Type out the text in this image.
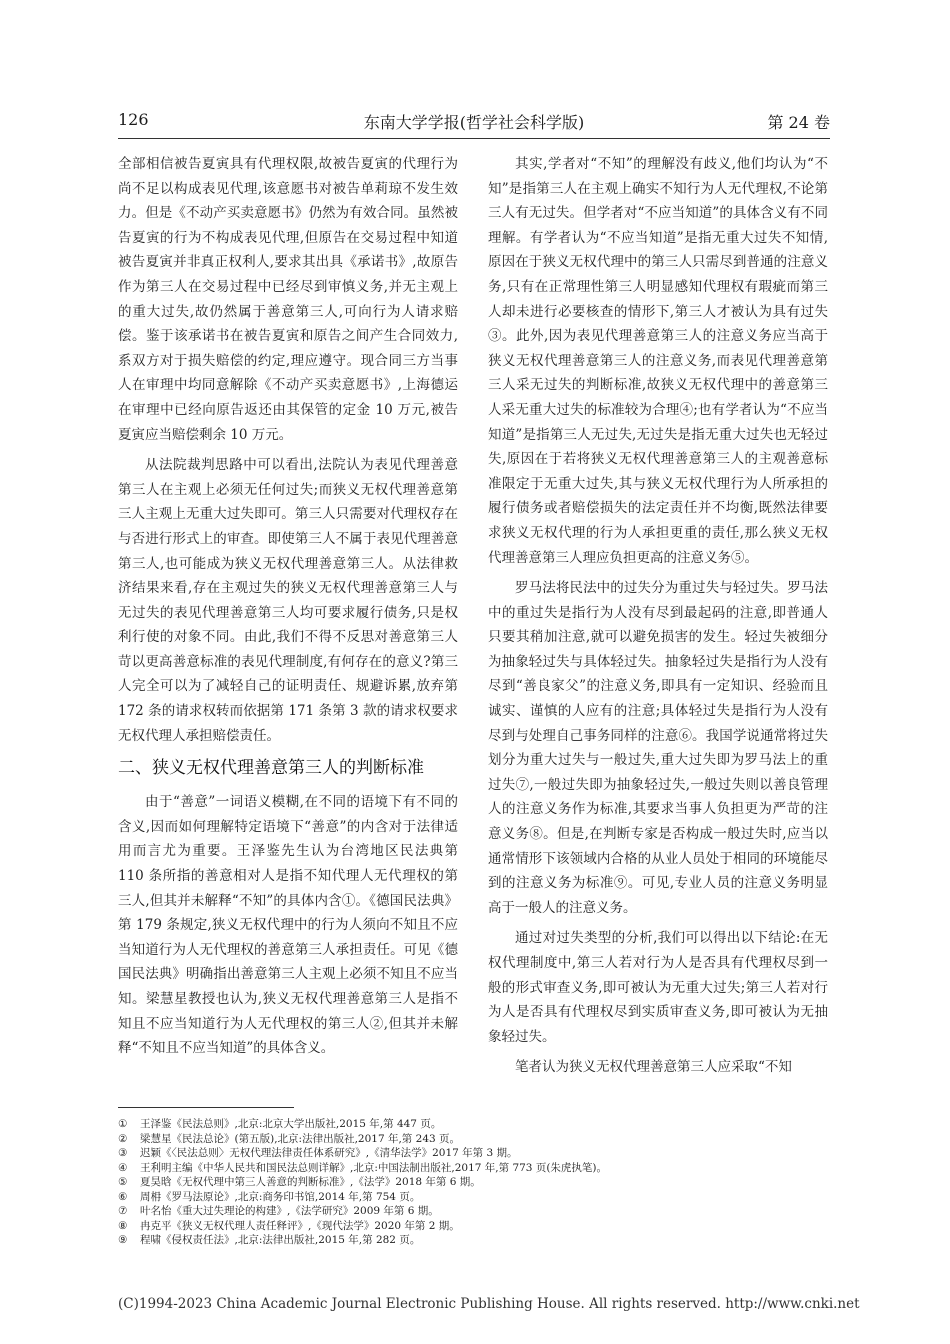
126	东南大学学报(哲学社会科学版)	第 24 卷

全部相信被告夏寅具有代理权限,故被告夏寅的代理行为尚不足以构成表见代理,该意愿书对被告单莉琼不发生效力。但是《不动产买卖意愿书》仍然为有效合同。虽然被告夏寅的行为不构成表见代理,但原告在交易过程中知道被告夏寅并非真正权利人,要求其出具《承诺书》,故原告作为第三人在交易过程中已经尽到审慎义务,并无主观上的重大过失,故仍然属于善意第三人,可向行为人请求赔偿。鉴于该承诺书在被告夏寅和原告之间产生合同效力,系双方对于损失赔偿的约定,理应遵守。现合同三方当事人在审理中均同意解除《不动产买卖意愿书》,上海德运在审理中已经向原告返还由其保管的定金 10 万元,被告夏寅应当赔偿剩余 10 万元。

从法院裁判思路中可以看出,法院认为表见代理善意第三人在主观上必须无任何过失;而狭义无权代理善意第三人主观上无重大过失即可。第三人只需要对代理权存在与否进行形式上的审查。即使第三人不属于表见代理善意第三人,也可能成为狭义无权代理善意第三人。从法律救济结果来看,存在主观过失的狭义无权代理善意第三人与无过失的表见代理善意第三人均可要求履行债务,只是权利行使的对象不同。由此,我们不得不反思对善意第三人苛以更高善意标准的表见代理制度,有何存在的意义?第三人完全可以为了减轻自己的证明责任、规避诉累,放弃第 172 条的请求权转而依据第 171 条第 3 款的请求权要求无权代理人承担赔偿责任。

二、狭义无权代理善意第三人的判断标准

由于“善意”一词语义模糊,在不同的语境下有不同的含义,因而如何理解特定语境下“善意”的内含对于法律适用而言尤为重要。王泽鉴先生认为台湾地区民法典第 110 条所指的善意相对人是指不知代理人无代理权的第三人,但其并未解释“不知”的具体内含①。《德国民法典》第 179 条规定,狭义无权代理中的行为人须向不知且不应当知道行为人无代理权的善意第三人承担责任。可见《德国民法典》明确指出善意第三人主观上必须不知且不应当知。梁慧星教授也认为,狭义无权代理善意第三人是指不知且不应当知道行为人无代理权的第三人②,但其并未解释“不知且不应当知道”的具体含义。

其实,学者对“不知”的理解没有歧义,他们均认为“不知”是指第三人在主观上确实不知行为人无代理权,不论第三人有无过失。但学者对“不应当知道”的具体含义有不同理解。有学者认为“不应当知道”是指无重大过失不知情,原因在于狭义无权代理中的第三人只需尽到普通的注意义务,只有在正常理性第三人明显感知代理权有瑕疵而第三人却未进行必要核查的情形下,第三人才被认为具有过失③。此外,因为表见代理善意第三人的注意义务应当高于狭义无权代理善意第三人的注意义务,而表见代理善意第三人采无过失的判断标准,故狭义无权代理中的善意第三人采无重大过失的标准较为合理④;也有学者认为“不应当知道”是指第三人无过失,无过失是指无重大过失也无轻过失,原因在于若将狭义无权代理善意第三人的主观善意标准限定于无重大过失,其与狭义无权代理行为人所承担的履行债务或者赔偿损失的法定责任并不均衡,既然法律要求狭义无权代理的行为人承担更重的责任,那么狭义无权代理善意第三人理应负担更高的注意义务⑤。

罗马法将民法中的过失分为重过失与轻过失。罗马法中的重过失是指行为人没有尽到最起码的注意,即普通人只要其稍加注意,就可以避免损害的发生。轻过失被细分为抽象轻过失与具体轻过失。抽象轻过失是指行为人没有尽到“善良家父”的注意义务,即具有一定知识、经验而且诚实、谨慎的人应有的注意;具体轻过失是指行为人没有尽到与处理自己事务同样的注意⑥。我国学说通常将过失划分为重大过失与一般过失,重大过失即为罗马法上的重过失⑦,一般过失即为抽象轻过失,一般过失则以善良管理人的注意义务作为标准,其要求当事人负担更为严苛的注意义务⑧。但是,在判断专家是否构成一般过失时,应当以通常情形下该领域内合格的从业人员处于相同的环境能尽到的注意义务为标准⑨。可见,专业人员的注意义务明显高于一般人的注意义务。

通过对过失类型的分析,我们可以得出以下结论:在无权代理制度中,第三人若对行为人是否具有代理权尽到一般的形式审查义务,即可被认为无重大过失;第三人若对行为人是否具有代理权尽到实质审查义务,即可被认为无抽象轻过失。

笔者认为狭义无权代理善意第三人应采取“不知

①	王泽鉴《民法总则》,北京:北京大学出版社,2015 年,第 447 页。
②	梁慧星《民法总论》(第五版),北京:法律出版社,2017 年,第 243 页。
③	迟颖《〈民法总则〉无权代理法律责任体系研究》,《清华法学》2017 年第 3 期。
④	王利明主编《中华人民共和国民法总则详解》,北京:中国法制出版社,2017 年,第 773 页(朱虎执笔)。
⑤	夏昊晗《无权代理中第三人善意的判断标准》,《法学》2018 年第 6 期。
⑥	周枏《罗马法原论》,北京:商务印书馆,2014 年,第 754 页。
⑦	叶名怡《重大过失理论的构建》,《法学研究》2009 年第 6 期。
⑧	冉克平《狭义无权代理人责任释评》,《现代法学》2020 年第 2 期。
⑨	程啸《侵权责任法》,北京:法律出版社,2015 年,第 282 页。
(C)1994-2023 China Academic Journal Electronic Publishing House. All rights reserved. http://www.cnki.net
